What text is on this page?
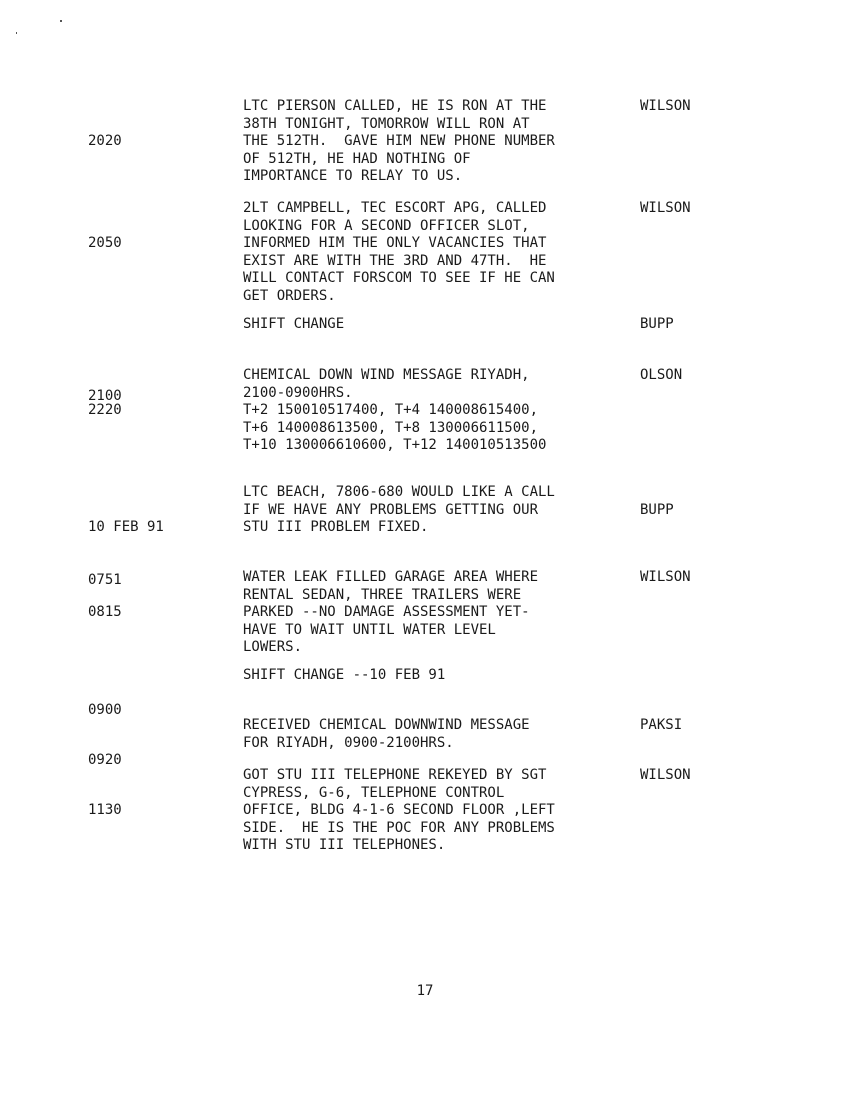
2020

LTC PIERSON CALLED, HE IS RON AT THE
38TH TONIGHT, TOMORROW WILL RON AT
THE 512TH.  GAVE HIM NEW PHONE NUMBER
OF 512TH, HE HAD NOTHING OF
IMPORTANCE TO RELAY TO US.
WILSON

2050

2LT CAMPBELL, TEC ESCORT APG, CALLED
LOOKING FOR A SECOND OFFICER SLOT,
INFORMED HIM THE ONLY VACANCIES THAT
EXIST ARE WITH THE 3RD AND 47TH.  HE
WILL CONTACT FORSCOM TO SEE IF HE CAN
GET ORDERS.
WILSON

2100

SHIFT CHANGE	BUPP

2220

CHEMICAL DOWN WIND MESSAGE RIYADH,
2100-0900HRS.
T+2 150010517400, T+4 140008615400,
T+6 140008613500, T+8 130006611500,
T+10 130006610600, T+12 140010513500
OLSON

10 FEB 91

0751

LTC BEACH, 7806-680 WOULD LIKE A CALL
IF WE HAVE ANY PROBLEMS GETTING OUR
STU III PROBLEM FIXED.
BUPP

0815

WATER LEAK FILLED GARAGE AREA WHERE
RENTAL SEDAN, THREE TRAILERS WERE
PARKED --NO DAMAGE ASSESSMENT YET-
HAVE TO WAIT UNTIL WATER LEVEL
LOWERS.
WILSON

0900

SHIFT CHANGE --10 FEB 91

0920

RECEIVED CHEMICAL DOWNWIND MESSAGE
FOR RIYADH, 0900-2100HRS.
PAKSI

1130

GOT STU III TELEPHONE REKEYED BY SGT
CYPRESS, G-6, TELEPHONE CONTROL
OFFICE, BLDG 4-1-6 SECOND FLOOR ,LEFT
SIDE.  HE IS THE POC FOR ANY PROBLEMS
WITH STU III TELEPHONES.
WILSON
17
